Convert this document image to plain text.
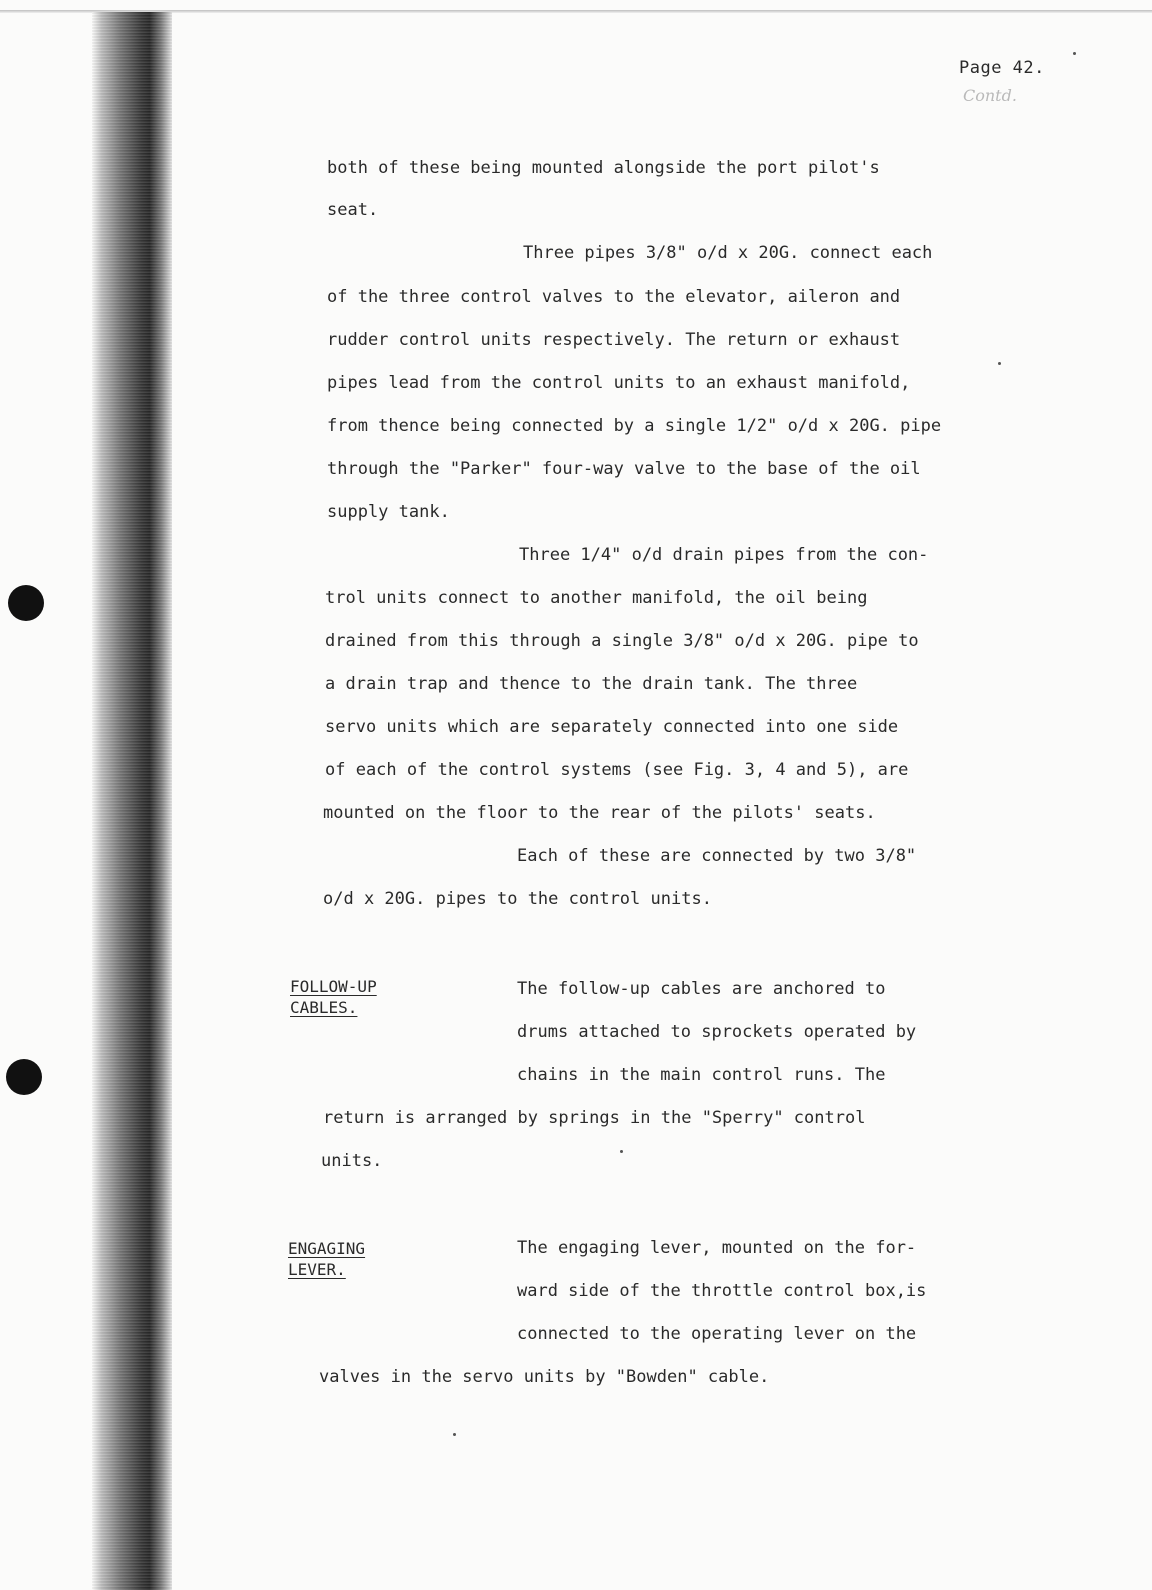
Page 42.
Contd.
both of these being mounted alongside the port pilot's
seat.
Three pipes 3/8" o/d x 20G. connect each
of the three control valves to the elevator, aileron and
rudder control units respectively. The return or exhaust
pipes lead from the control units to an exhaust manifold,
from thence being connected by a single 1/2" o/d x 20G. pipe
through the "Parker" four-way valve to the base of the oil
supply tank.
Three 1/4" o/d drain pipes from the con-
trol units connect to another manifold, the oil being
drained from this through a single 3/8" o/d x 20G. pipe to
a drain trap and thence to the drain tank. The three
servo units which are separately connected into one side
of each of the control systems (see Fig. 3, 4 and 5), are
mounted on the floor to the rear of the pilots' seats.
Each of these are connected by two 3/8"
o/d x 20G. pipes to the control units.
FOLLOW-UP
CABLES.
The follow-up cables are anchored to
drums attached to sprockets operated by
chains in the main control runs. The
return is arranged by springs in the "Sperry" control
units.
ENGAGING
LEVER.
The engaging lever, mounted on the for-
ward side of the throttle control box,is
connected to the operating lever on the
valves in the servo units by "Bowden" cable.
